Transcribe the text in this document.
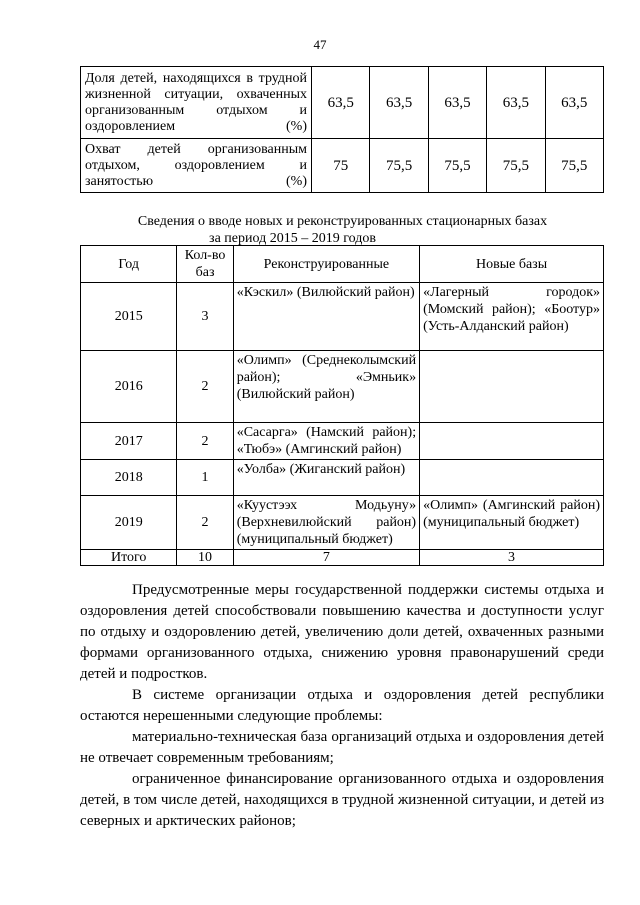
47
Доля детей, находящихся в трудной жизненной ситуации, охваченных организованным отдыхом и оздоровлением (%)	63,5	63,5	63,5	63,5	63,5
Охват детей организованным отдыхом, оздоровлением и занятостью (%)	75	75,5	75,5	75,5	75,5
Сведения о вводе новых и реконструированных стационарных базах
за период 2015 – 2019 годов
Год	Кол-во баз	Реконструированные	Новые базы
2015	3	«Кэскил» (Вилюйский район)	«Лагерный городок» (Момский район); «Боотур» (Усть-Алданский район)
2016	2	«Олимп» (Среднеколымский район); «Эмньик» (Вилюйский район)	
2017	2	«Сасарга» (Намский район); «Тюбэ» (Амгинский район)	
2018	1	«Уолба» (Жиганский район)	
2019	2	«Куустээх Модьуну» (Верхневилюйский район) (муниципальный бюджет)	«Олимп» (Амгинский район) (муниципальный бюджет)
Итого	10	7	3

Предусмотренные меры государственной поддержки системы отдыха и оздоровления детей способствовали повышению качества и доступности услуг по отдыху и оздоровлению детей, увеличению доли детей, охваченных разными формами организованного отдыха, снижению уровня правонарушений среди детей и подростков.

В системе организации отдыха и оздоровления детей республики остаются нерешенными следующие проблемы:

материально-техническая база организаций отдыха и оздоровления детей не отвечает современным требованиям;

ограниченное финансирование организованного отдыха и оздоровления детей, в том числе детей, находящихся в трудной жизненной ситуации, и детей из северных и арктических районов;
